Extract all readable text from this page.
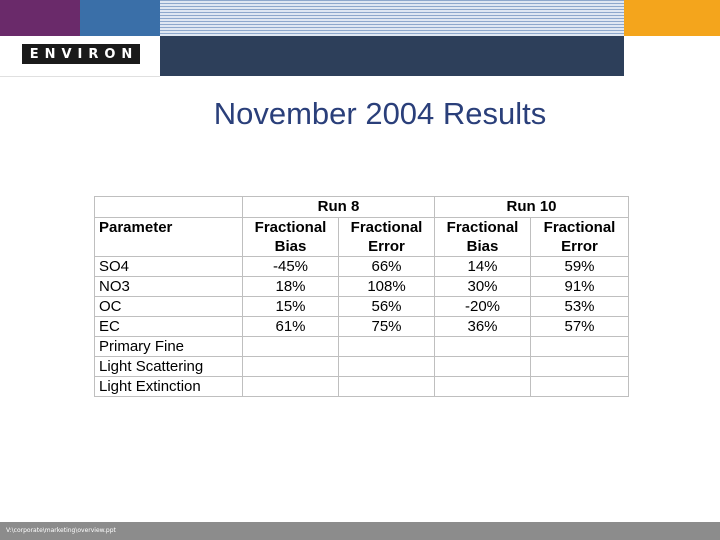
ENVIRON
November 2004 Results
	Run 8		Run 10	
Parameter	Fractional	Fractional	Fractional	Fractional
	Bias	Error	Bias	Error
SO4	-45%	66%	14%	59%
NO3	18%	108%	30%	91%
OC	15%	56%	-20%	53%
EC	61%	75%	36%	57%
Primary Fine				
Light Scattering				
Light Extinction				
V:\corporate\marketing\overview.ppt
